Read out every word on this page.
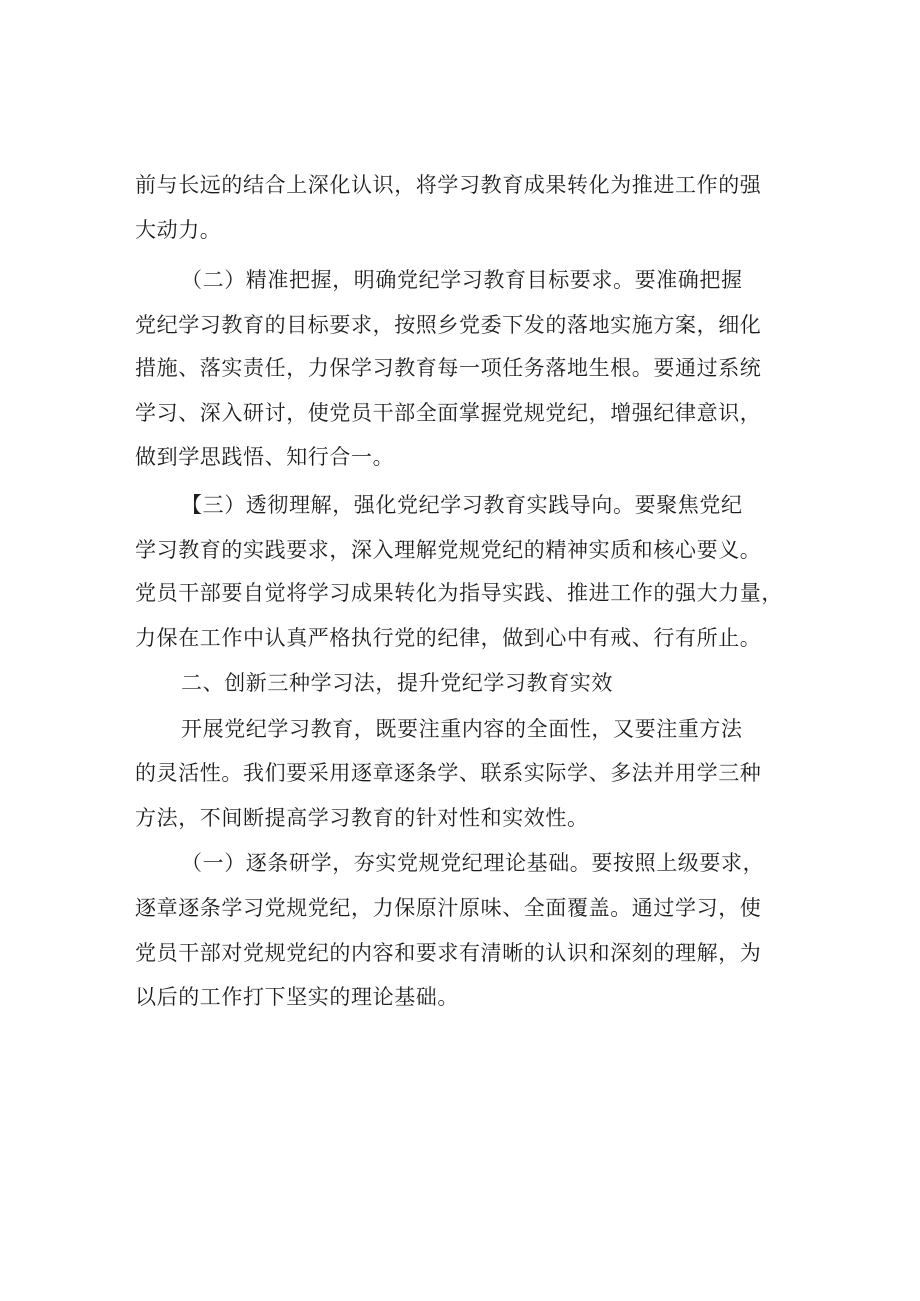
前与长远的结合上深化认识，将学习教育成果转化为推进工作的强
大动力。
（二）精准把握，明确党纪学习教育目标要求。要准确把握
党纪学习教育的目标要求，按照乡党委下发的落地实施方案，细化
措施、落实责任，力保学习教育每一项任务落地生根。要通过系统
学习、深入研讨，使党员干部全面掌握党规党纪，增强纪律意识，
做到学思践悟、知行合一。
【三）透彻理解，强化党纪学习教育实践导向。要聚焦党纪
学习教育的实践要求，深入理解党规党纪的精神实质和核心要义。
党员干部要自觉将学习成果转化为指导实践、推进工作的强大力量，
力保在工作中认真严格执行党的纪律，做到心中有戒、行有所止。
二、创新三种学习法，提升党纪学习教育实效
开展党纪学习教育，既要注重内容的全面性，又要注重方法
的灵活性。我们要采用逐章逐条学、联系实际学、多法并用学三种
方法，不间断提高学习教育的针对性和实效性。
（一）逐条研学，夯实党规党纪理论基础。要按照上级要求，
逐章逐条学习党规党纪，力保原汁原味、全面覆盖。通过学习，使
党员干部对党规党纪的内容和要求有清晰的认识和深刻的理解，为
以后的工作打下坚实的理论基础。
